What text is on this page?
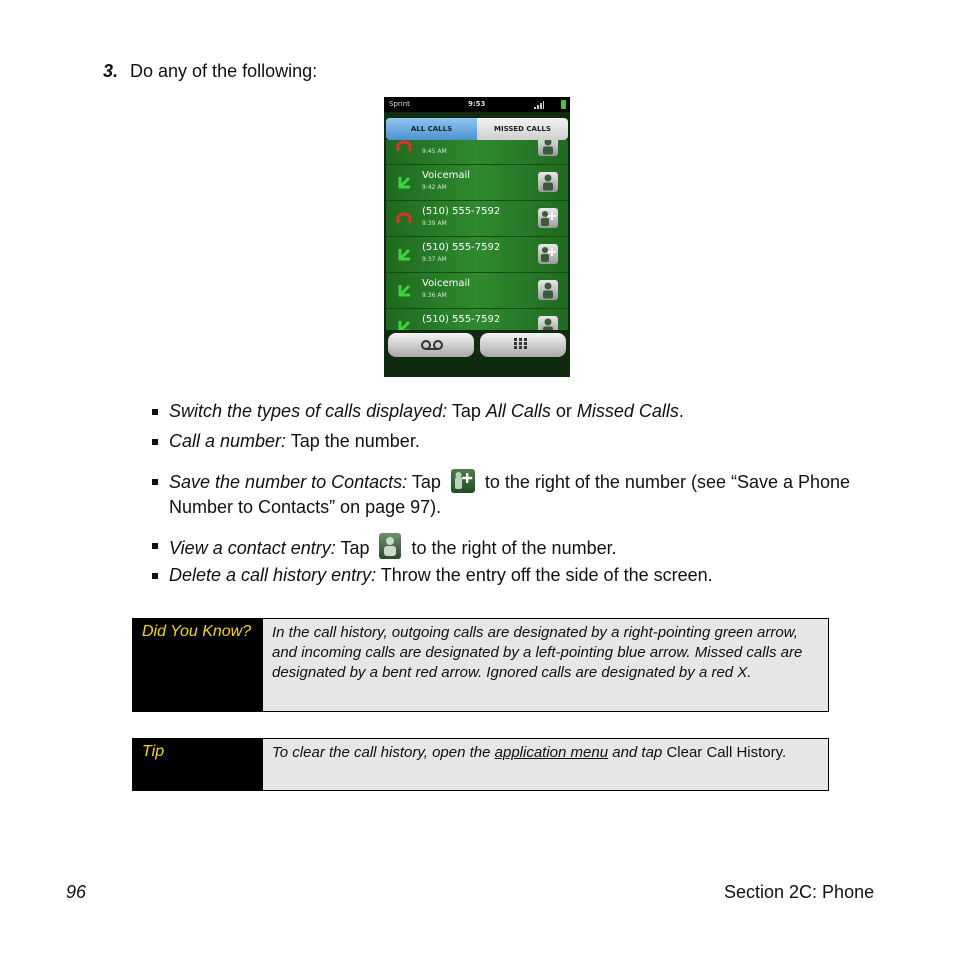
3. Do any of the following:
Sprint	9:53
ALL CALLS	MISSED CALLS
9:45 AM
Voicemail
9:42 AM
(510) 555-7592
9:39 AM
(510) 555-7592
9:37 AM
Voicemail
9:36 AM
(510) 555-7592
Switch the types of calls displayed: Tap All Calls or Missed Calls.
Call a number: Tap the number.
Save the number to Contacts: Tap  to the right of the number (see “Save a Phone Number to Contacts” on page 97).
View a contact entry: Tap  to the right of the number.
Delete a call history entry: Throw the entry off the side of the screen.
Did You Know?	In the call history, outgoing calls are designated by a right-pointing green arrow, and incoming calls are designated by a left-pointing blue arrow. Missed calls are designated by a bent red arrow. Ignored calls are designated by a red X.
Tip	To clear the call history, open the application menu and tap Clear Call History.
96	Section 2C: Phone
